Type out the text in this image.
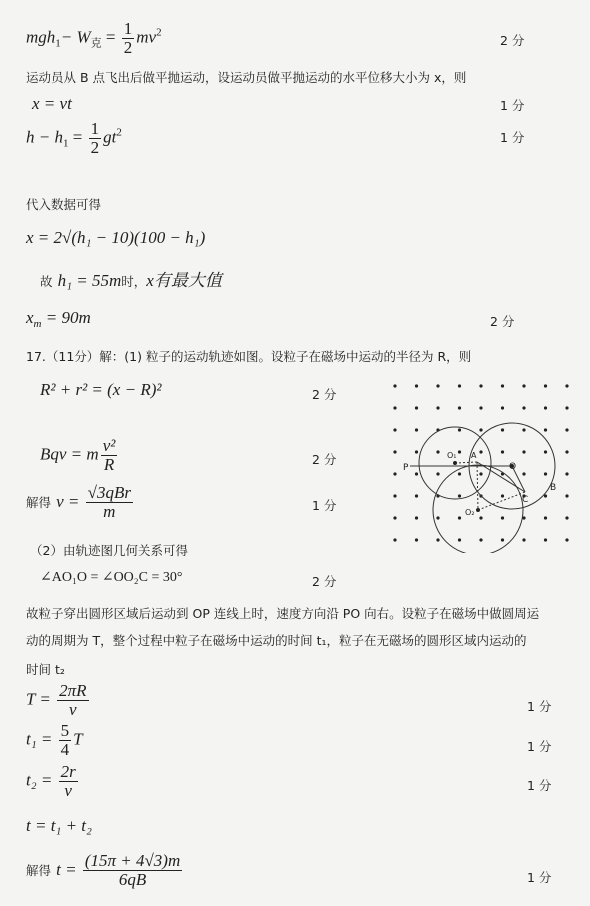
$mgh_1- W_克 = \frac{1}{2} mv^2$
2 分
运动员从 B 点飞出后做平抛运动，设运动员做平抛运动的水平位移大小为 x，则
x = vt	1 分
$h - h_1 = \frac{1}{2} gt^2$	1 分
代入数据可得
x = 2√(h₁ − 10)(100 − h₁)
故 h₁ = 55m时，x有最大值
$x_m = 90m$	2 分
17.（11分）解：(1) 粒子的运动轨迹如图。设粒子在磁场中运动的半径为 R，则
R² + r² = (x − R)²	2 分
Bqv = m $\frac{\text{v²}}{R}$	2 分
解得 v = √3qBr
m	1 分
（2）由轨迹图几何关系可得
∠AO₁O = ∠OO₂C = 30°	2 分
故粒子穿出圆形区域后运动到 OP 连线上时，速度方向沿 PO 向右。设粒子在磁场中做圆周运
动的周期为 T，整个过程中粒子在磁场中运动的时间 t₁，粒子在无磁场的圆形区域内运动的
时间 t₂
$T = \frac{2\pi R}{v}$	1 分
$t_1 = \frac{5}{4}$ T	1 分
$t_2 = \frac{2r}{v}$	1 分
t = t₁ + t₂
解得 $t = \frac{(15\pi + 4√3)m}{6qB}$	1 分
P
O₁ A
O
O₂
C
B
